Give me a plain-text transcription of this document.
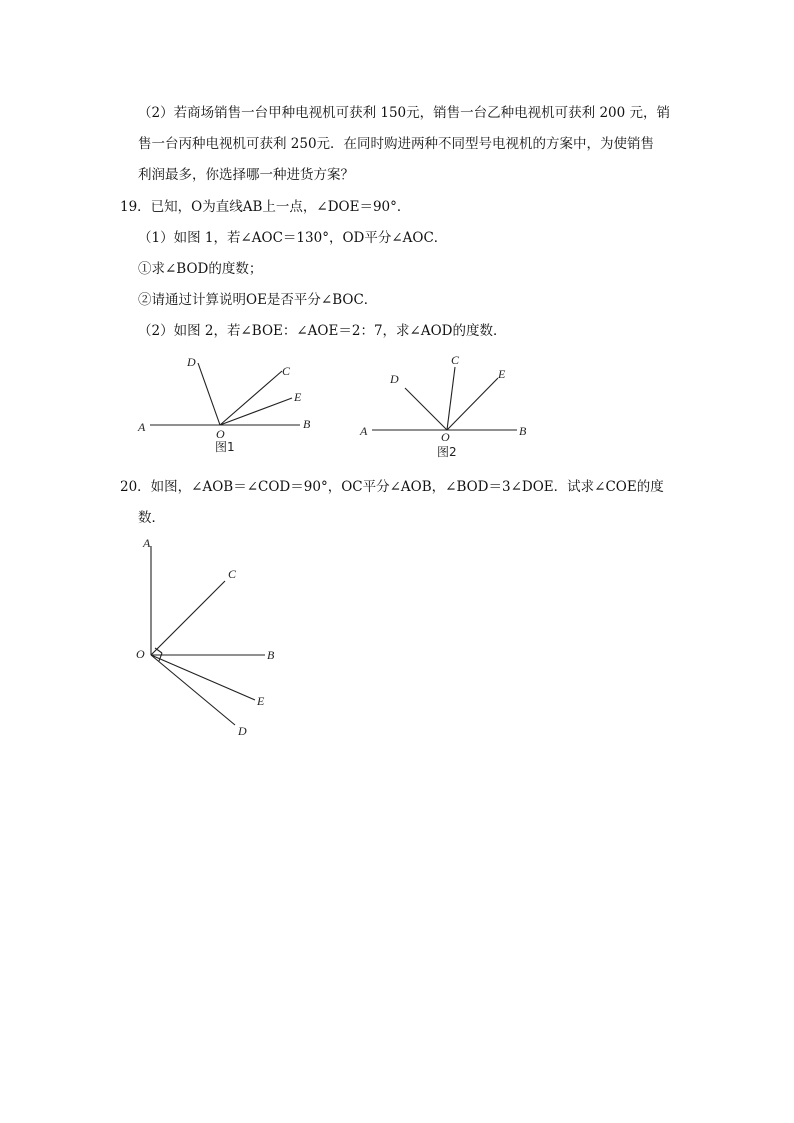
（2）若商场销售一台甲种电视机可获利 150元，销售一台乙种电视机可获利 200 元，销
售一台丙种电视机可获利 250元．在同时购进两种不同型号电视机的方案中，为使销售
利润最多，你选择哪一种进货方案？
19．已知，O为直线AB上一点，∠DOE＝90°．
（1）如图 1，若∠AOC＝130°，OD平分∠AOC．
①求∠BOD的度数；
②请通过计算说明OE是否平分∠BOC．
（2）如图 2，若∠BOE：∠AOE＝2：7，求∠AOD的度数．
D
C
E
A	B
O
图1
D
C
E
A	B
O
图2
20．如图，∠AOB＝∠COD＝90°，OC平分∠AOB，∠BOD＝3∠DOE．试求∠COE的度
数．
A
C
O	B
E
D
